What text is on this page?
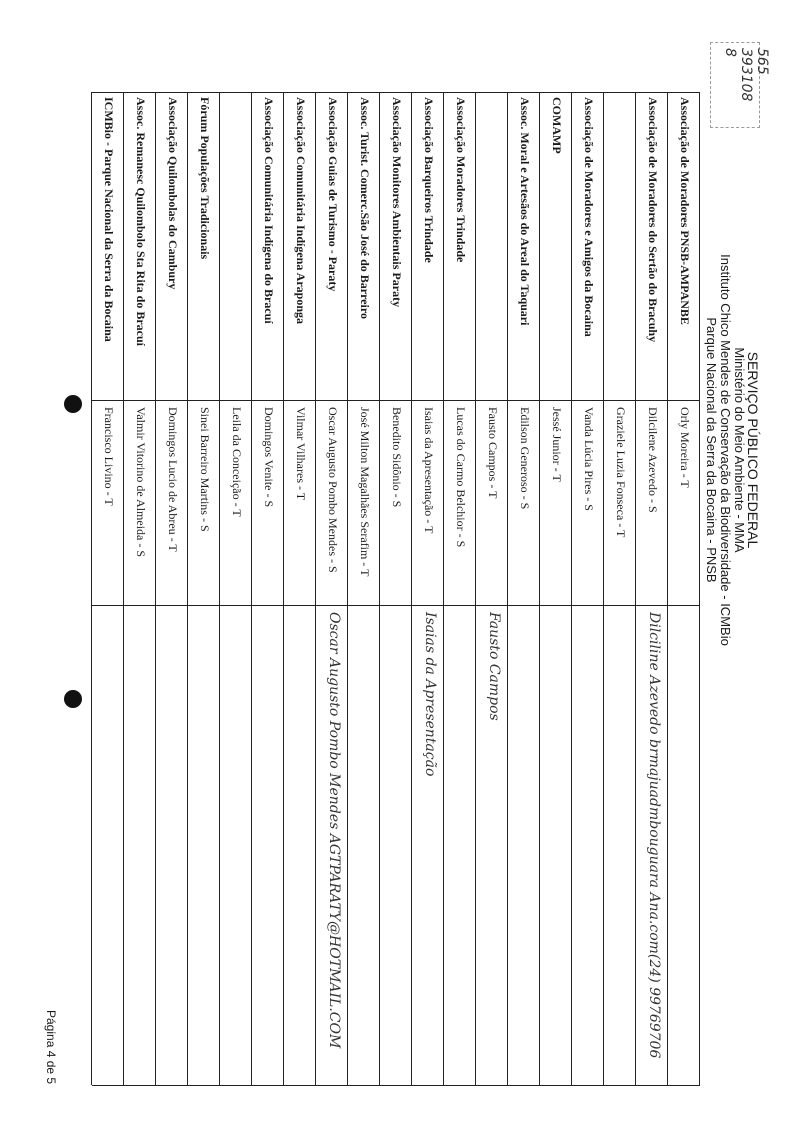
565
393108
8
SERVIÇO PÚBLICO FEDERAL
Ministério do Meio Ambiente - MMA
Instituto Chico Mendes de Conservação da Biodiversidade - ICMBio
Parque Nacional da Serra da Bocaina - PNSB
Associação de Moradores PNSB-AMPANBE
Orly Moreira - T
Associação de Moradores do Sertão do Bracuhy
Dilcilene Azevedo - S
Dilciline Azevedo brmajuadmbouguara Ana.com(24) 99769706
Graziele Luzia Fonseca - T
Associação de Moradores e Amigos da Bocaina
Vanda Lúcia Pires - S
COMAMP
Jessé Junior - T
Assoc. Moral e Artesãos do Areal do Taquari
Edilson Generoso - S
Fausto Campos - T
Fausto Campos
Associação Moradores Trindade
Lucas do Carmo Belchior - S
Associação Barqueiros Trindade
Isaias da Apresentação - T
Isaias da Apresentação
Associação Monitores Ambientais Paraty
Benedito Sidônio - S
Assoc. Turist. Comerc.São José do Barreiro
José Milton Magalhães Serafim - T
Associação Guias de Turismo - Paraty
Oscar Augusto Pombo Mendes - S
Oscar Augusto Pombo Mendes AGTPARATY@HOTMAIL.COM
Associação Comunitária Indígena Araponga
Vilmar Vilhares - T
Associação Comunitária Indígena do Bracuí
Domingos Venite - S
Leila da Conceição - T
Fórum Populações Tradicionais
Sinei Barreiro Martins - S
Associação Quilombolas do Cambury
Domingos Lucio de Abreu - T
Assoc. Remanesc Quilombolo Sta Rita do Bracuí
Valmir Vitorino de Almeida - S
ICMBio - Parque Nacional da Serra da Bocaina
Francisco Livino - T
Página 4 de 5
